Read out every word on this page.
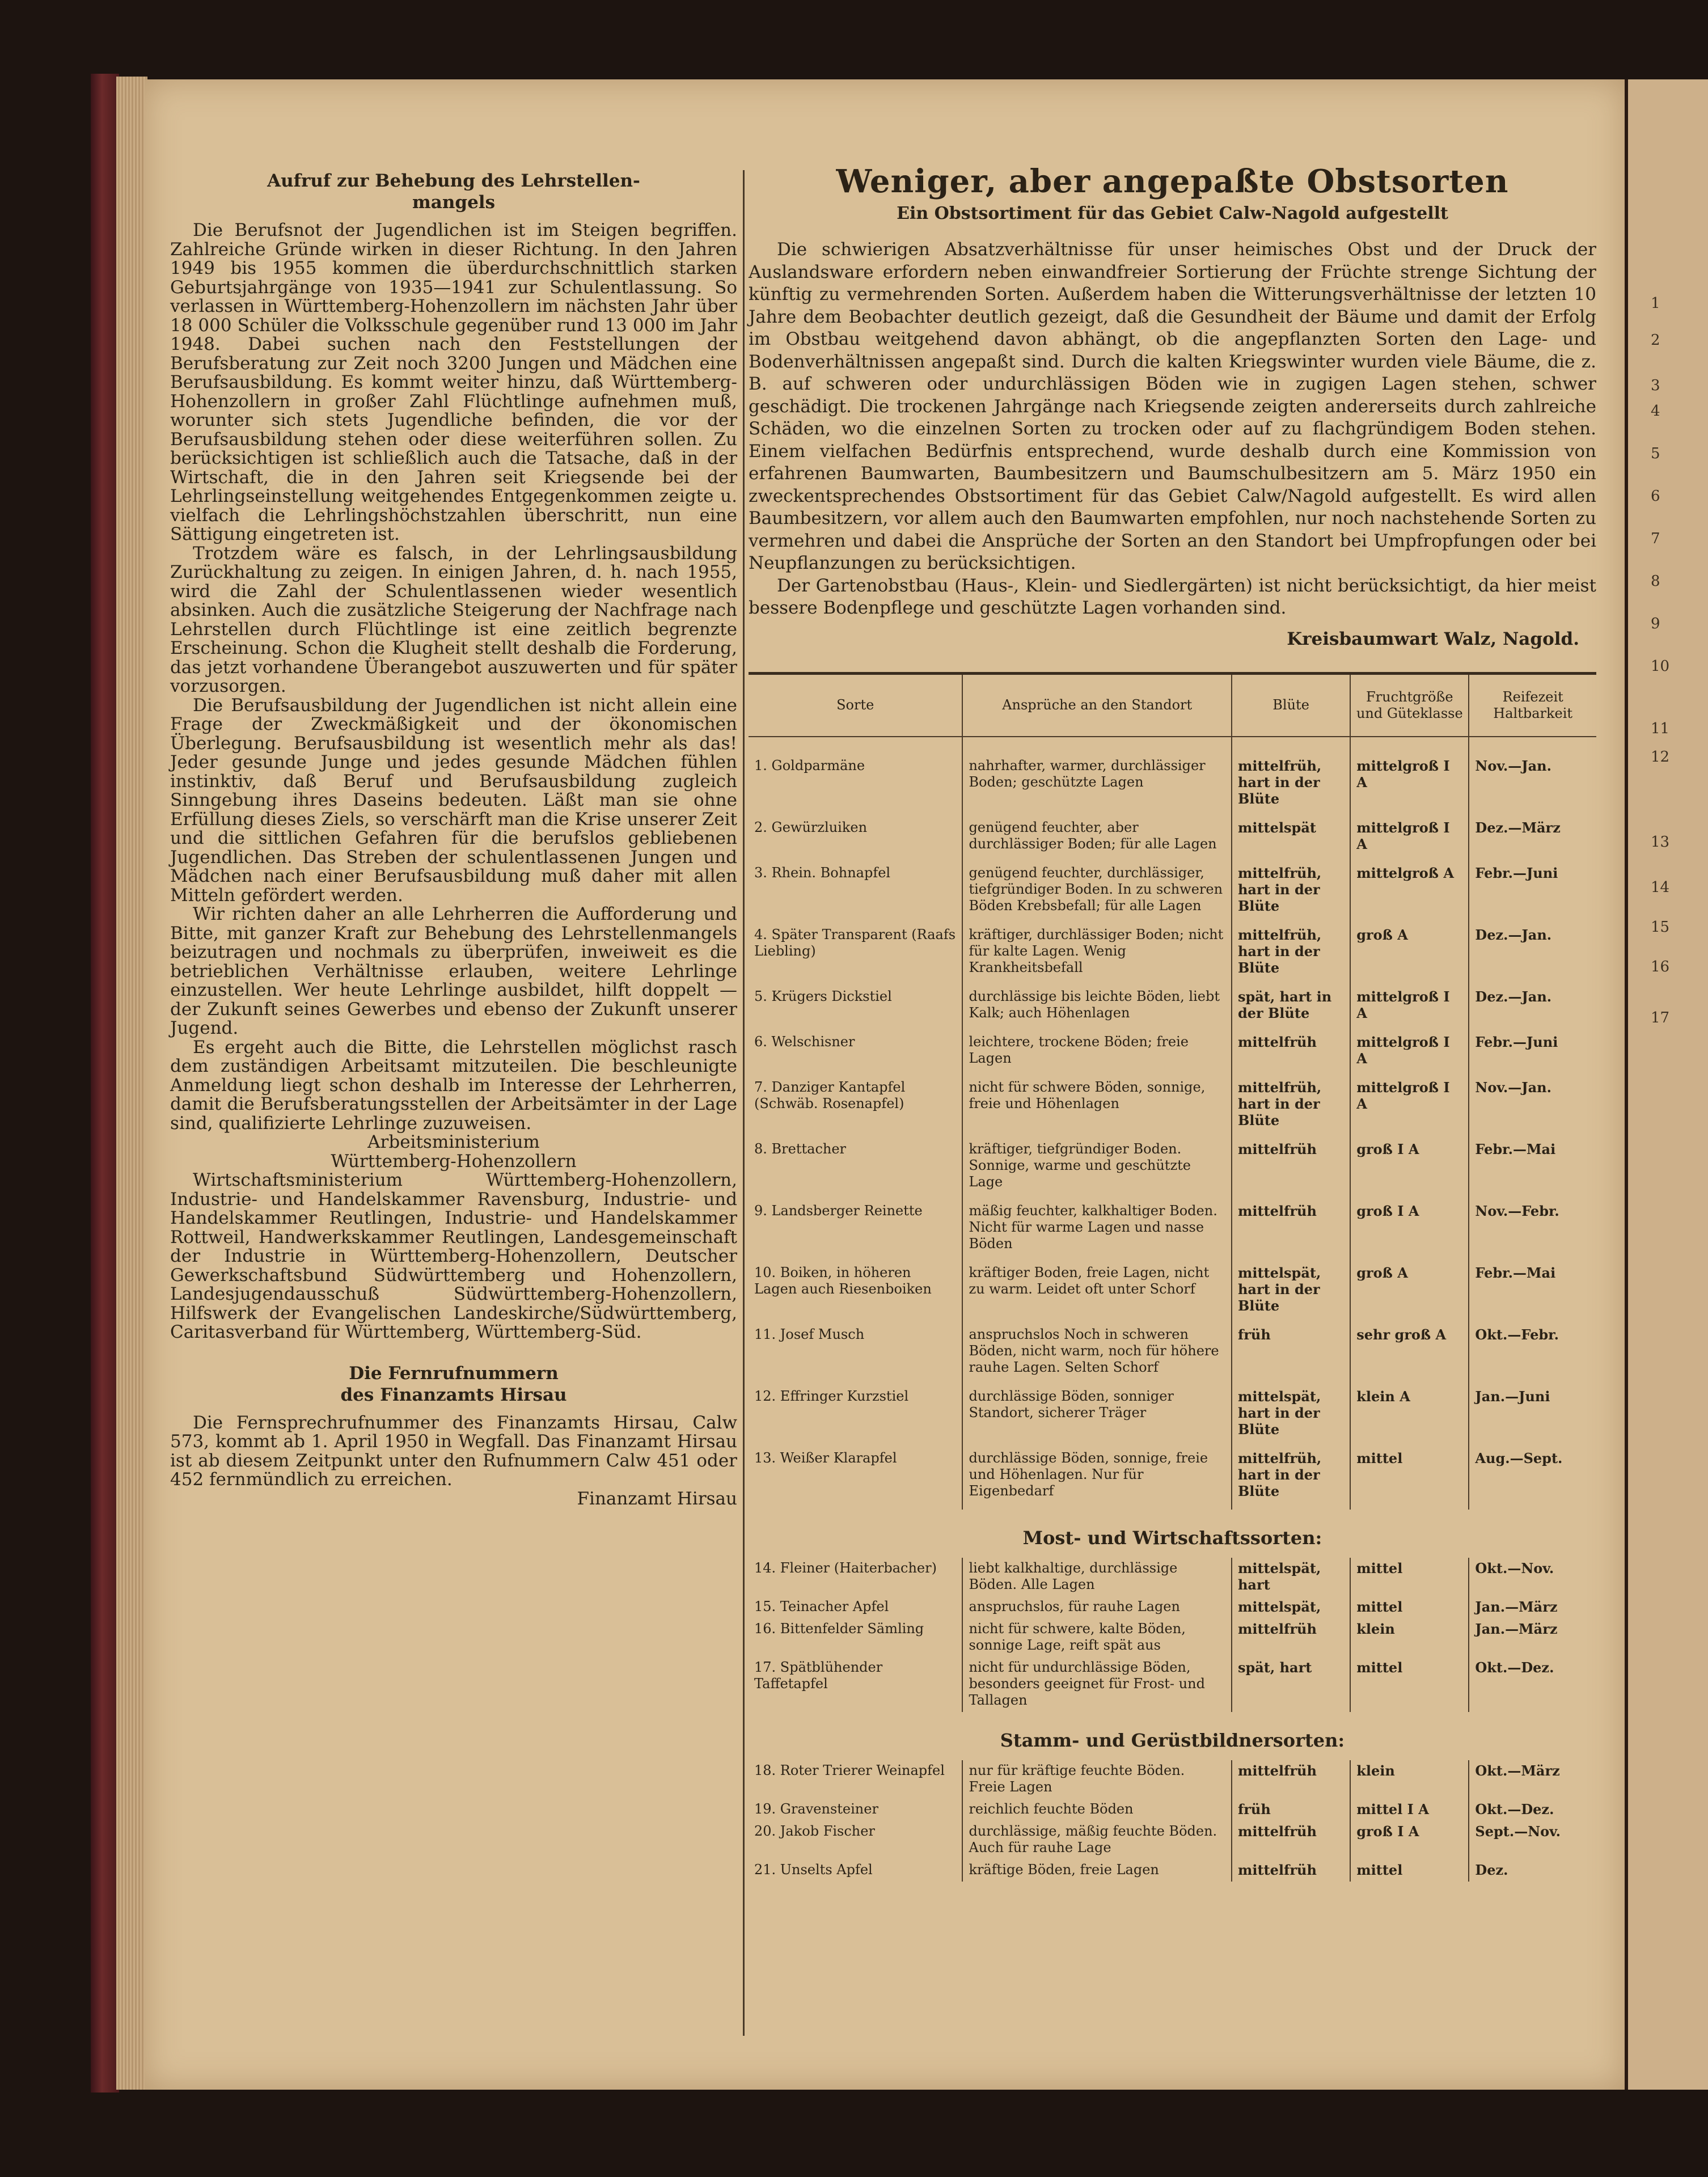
1
2
3
4
5
6
7
8
9
10
11
12
13
14
15
16
17
Aufruf zur Behebung des Lehrstellen-
mangels

Die Berufsnot der Jugendlichen ist im Steigen begriffen. Zahlreiche Gründe wirken in dieser Richtung. In den Jahren 1949 bis 1955 kommen die überdurchschnittlich starken Geburtsjahrgänge von 1935—1941 zur Schulentlassung. So verlassen in Württemberg-Hohenzollern im nächsten Jahr über 18 000 Schüler die Volksschule gegenüber rund 13 000 im Jahr 1948. Dabei suchen nach den Feststellungen der Berufsberatung zur Zeit noch 3200 Jungen und Mädchen eine Berufsausbildung. Es kommt weiter hinzu, daß Württemberg-Hohenzollern in großer Zahl Flüchtlinge aufnehmen muß, worunter sich stets Jugendliche befinden, die vor der Berufsausbildung stehen oder diese weiterführen sollen. Zu berücksichtigen ist schließlich auch die Tatsache, daß in der Wirtschaft, die in den Jahren seit Kriegsende bei der Lehrlingseinstellung weitgehendes Entgegenkommen zeigte u. vielfach die Lehrlingshöchstzahlen überschritt, nun eine Sättigung eingetreten ist.

Trotzdem wäre es falsch, in der Lehrlingsausbildung Zurückhaltung zu zeigen. In einigen Jahren, d. h. nach 1955, wird die Zahl der Schulentlassenen wieder wesentlich absinken. Auch die zusätzliche Steigerung der Nachfrage nach Lehrstellen durch Flüchtlinge ist eine zeitlich begrenzte Erscheinung. Schon die Klugheit stellt deshalb die Forderung, das jetzt vorhandene Überangebot auszuwerten und für später vorzusorgen.

Die Berufsausbildung der Jugendlichen ist nicht allein eine Frage der Zweckmäßigkeit und der ökonomischen Überlegung. Berufsausbildung ist wesentlich mehr als das! Jeder gesunde Junge und jedes gesunde Mädchen fühlen instinktiv, daß Beruf und Berufsausbildung zugleich Sinngebung ihres Daseins bedeuten. Läßt man sie ohne Erfüllung dieses Ziels, so verschärft man die Krise unserer Zeit und die sittlichen Gefahren für die berufslos gebliebenen Jugendlichen. Das Streben der schulentlassenen Jungen und Mädchen nach einer Berufsausbildung muß daher mit allen Mitteln gefördert werden.

Wir richten daher an alle Lehrherren die Aufforderung und Bitte, mit ganzer Kraft zur Behebung des Lehrstellenmangels beizutragen und nochmals zu überprüfen, inweiweit es die betrieblichen Verhältnisse erlauben, weitere Lehrlinge einzustellen. Wer heute Lehrlinge ausbildet, hilft doppelt — der Zukunft seines Gewerbes und ebenso der Zukunft unserer Jugend.

Es ergeht auch die Bitte, die Lehrstellen möglichst rasch dem zuständigen Arbeitsamt mitzuteilen. Die beschleunigte Anmeldung liegt schon deshalb im Interesse der Lehrherren, damit die Berufsberatungsstellen der Arbeitsämter in der Lage sind, qualifizierte Lehrlinge zuzuweisen.

Arbeitsministerium

Württemberg-Hohenzollern

Wirtschaftsministerium Württemberg-Hohenzollern, Industrie- und Handelskammer Ravensburg, Industrie- und Handelskammer Reutlingen, Industrie- und Handelskammer Rottweil, Handwerkskammer Reutlingen, Landesgemeinschaft der Industrie in Württemberg-Hohenzollern, Deutscher Gewerkschaftsbund Südwürttemberg und Hohenzollern, Landesjugendausschuß Südwürttemberg-Hohenzollern, Hilfswerk der Evangelischen Landeskirche/Südwürttemberg, Caritasverband für Württemberg, Württemberg-Süd.

Die Fernrufnummern
des Finanzamts Hirsau

Die Fernsprechrufnummer des Finanzamts Hirsau, Calw 573, kommt ab 1. April 1950 in Wegfall. Das Finanzamt Hirsau ist ab diesem Zeitpunkt unter den Rufnummern Calw 451 oder 452 fernmündlich zu erreichen.

Finanzamt Hirsau

Weniger, aber angepaßte Obstsorten
Ein Obstsortiment für das Gebiet Calw-Nagold aufgestellt

Die schwierigen Absatzverhältnisse für unser heimisches Obst und der Druck der Auslandsware erfordern neben einwandfreier Sortierung der Früchte strenge Sichtung der künftig zu vermehrenden Sorten. Außerdem haben die Witterungsverhältnisse der letzten 10 Jahre dem Beobachter deutlich gezeigt, daß die Gesundheit der Bäume und damit der Erfolg im Obstbau weitgehend davon abhängt, ob die angepflanzten Sorten den Lage- und Bodenverhältnissen angepaßt sind. Durch die kalten Kriegswinter wurden viele Bäume, die z. B. auf schweren oder undurchlässigen Böden wie in zugigen Lagen stehen, schwer geschädigt. Die trockenen Jahrgänge nach Kriegsende zeigten andererseits durch zahlreiche Schäden, wo die einzelnen Sorten zu trocken oder auf zu flachgründigem Boden stehen. Einem vielfachen Bedürfnis entsprechend, wurde deshalb durch eine Kommission von erfahrenen Baumwarten, Baumbesitzern und Baumschulbesitzern am 5. März 1950 ein zweckentsprechendes Obstsortiment für das Gebiet Calw/Nagold aufgestellt. Es wird allen Baumbesitzern, vor allem auch den Baumwarten empfohlen, nur noch nachstehende Sorten zu vermehren und dabei die Ansprüche der Sorten an den Standort bei Umpfropfungen oder bei Neupflanzungen zu berücksichtigen.

Der Gartenobstbau (Haus-, Klein- und Siedlergärten) ist nicht berücksichtigt, da hier meist bessere Bodenpflege und geschützte Lagen vorhanden sind.

Kreisbaumwart Walz, Nagold.
Sorte	Ansprüche an den Standort	Blüte	Fruchtgröße und Güteklasse	Reifezeit Haltbarkeit
1. Goldparmäne	nahrhafter, warmer, durchlässiger Boden; geschützte Lagen	mittelfrüh, hart in der Blüte	mittelgroß I A	Nov.—Jan.
2. Gewürzluiken	genügend feuchter, aber durchlässiger Boden; für alle Lagen	mittelspät	mittelgroß I A	Dez.—März
3. Rhein. Bohnapfel	genügend feuchter, durchlässiger, tiefgründiger Boden. In zu schweren Böden Krebsbefall; für alle Lagen	mittelfrüh, hart in der Blüte	mittelgroß A	Febr.—Juni
4. Später Transparent (Raafs Liebling)	kräftiger, durchlässiger Boden; nicht für kalte Lagen. Wenig Krankheitsbefall	mittelfrüh, hart in der Blüte	groß A	Dez.—Jan.
5. Krügers Dickstiel	durchlässige bis leichte Böden, liebt Kalk; auch Höhenlagen	spät, hart in der Blüte	mittelgroß I A	Dez.—Jan.
6. Welschisner	leichtere, trockene Böden; freie Lagen	mittelfrüh	mittelgroß I A	Febr.—Juni
7. Danziger Kantapfel (Schwäb. Rosenapfel)	nicht für schwere Böden, sonnige, freie und Höhenlagen	mittelfrüh, hart in der Blüte	mittelgroß I A	Nov.—Jan.
8. Brettacher	kräftiger, tiefgründiger Boden. Sonnige, warme und geschützte Lage	mittelfrüh	groß I A	Febr.—Mai
9. Landsberger Reinette	mäßig feuchter, kalkhaltiger Boden. Nicht für warme Lagen und nasse Böden	mittelfrüh	groß I A	Nov.—Febr.
10. Boiken, in höheren Lagen auch Riesenboiken	kräftiger Boden, freie Lagen, nicht zu warm. Leidet oft unter Schorf	mittelspät, hart in der Blüte	groß A	Febr.—Mai
11. Josef Musch	anspruchslos Noch in schweren Böden, nicht warm, noch für höhere rauhe Lagen. Selten Schorf	früh	sehr groß A	Okt.—Febr.
12. Effringer Kurzstiel	durchlässige Böden, sonniger Standort, sicherer Träger	mittelspät, hart in der Blüte	klein A	Jan.—Juni
13. Weißer Klarapfel	durchlässige Böden, sonnige, freie und Höhenlagen. Nur für Eigenbedarf	mittelfrüh, hart in der Blüte	mittel	Aug.—Sept.
Most- und Wirtschaftssorten:				
14. Fleiner (Haiterbacher)	liebt kalkhaltige, durchlässige Böden. Alle Lagen	mittelspät, hart	mittel	Okt.—Nov.
15. Teinacher Apfel	anspruchslos, für rauhe Lagen	mittelspät,	mittel	Jan.—März
16. Bittenfelder Sämling	nicht für schwere, kalte Böden, sonnige Lage, reift spät aus	mittelfrüh	klein	Jan.—März
17. Spätblühender Taffetapfel	nicht für undurchlässige Böden, besonders geeignet für Frost- und Tallagen	spät, hart	mittel	Okt.—Dez.
Stamm- und Gerüstbildnersorten:				
18. Roter Trierer Weinapfel	nur für kräftige feuchte Böden. Freie Lagen	mittelfrüh	klein	Okt.—März
19. Gravensteiner	reichlich feuchte Böden	früh	mittel I A	Okt.—Dez.
20. Jakob Fischer	durchlässige, mäßig feuchte Böden. Auch für rauhe Lage	mittelfrüh	groß I A	Sept.—Nov.
21. Unselts Apfel	kräftige Böden, freie Lagen	mittelfrüh	mittel	Dez.
